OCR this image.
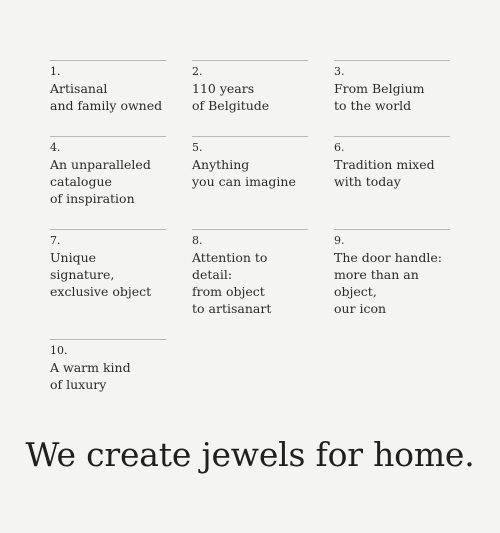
1.
Artisanal
and family owned
2.
110 years
of Belgitude
3.
From Belgium
to the world
4.
An unparalleled
catalogue
of inspiration
5.
Anything
you can imagine
6.
Tradition mixed
with today
7.
Unique
signature,
exclusive object
8.
Attention to detail:
from object
to artisanart
9.
The door handle:
more than an object,
our icon
10.
A warm kind
of luxury
We create jewels for home.
